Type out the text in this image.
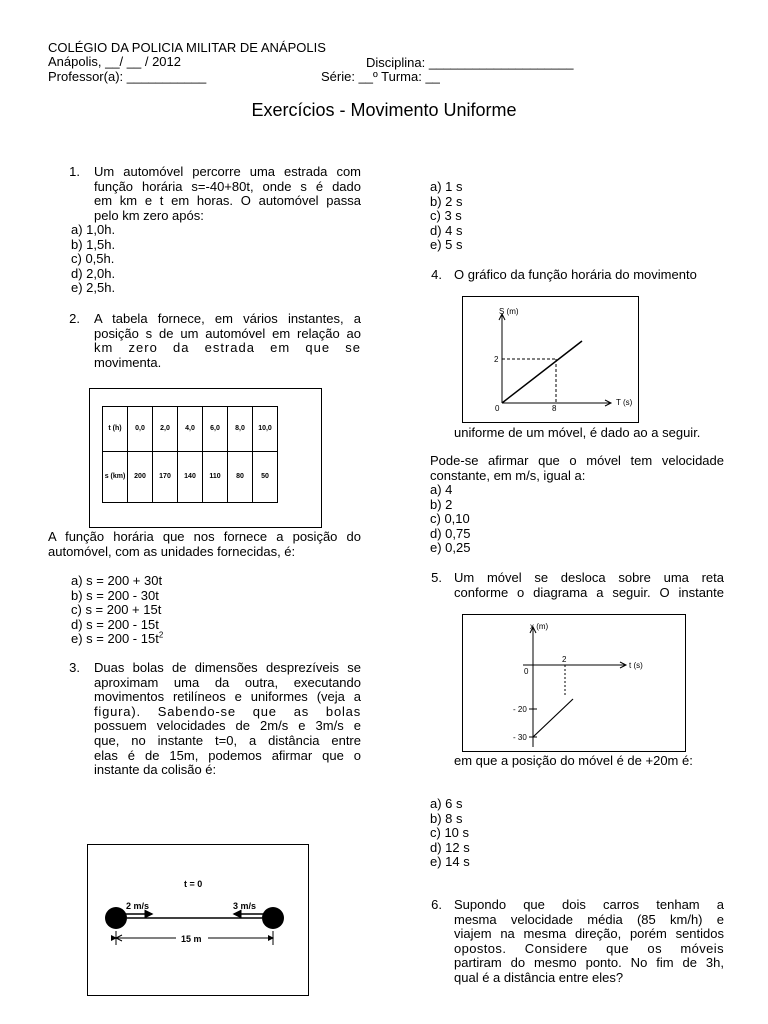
COLÉGIO DA POLICIA MILITAR DE ANÁPOLIS
Anápolis, __/ __ / 2012	Disciplina: ____________________
Professor(a): ___________	Série: __º Turma: __
Exercícios - Movimento Uniforme
1. Um automóvel percorre uma estrada com
função horária s=-40+80t, onde s é dado
em km e t em horas. O automóvel passa
pelo km zero após:
a) 1,0h.
b) 1,5h.
c) 0,5h.
d) 2,0h.
e) 2,5h.
2. A tabela fornece, em vários instantes, a
posição s de um automóvel em relação ao
km zero da estrada em que se
movimenta.
t (h)	0,0	2,0	4,0	6,0	8,0	10,0
s (km)	200	170	140	110	80	50
A função horária que nos fornece a posição do
automóvel, com as unidades fornecidas, é:
a) s = 200 + 30t
b) s = 200 - 30t
c) s = 200 + 15t
d) s = 200 - 15t
e) $s = 200 - 15t^2$
3. Duas bolas de dimensões desprezíveis se
aproximam uma da outra, executando
movimentos retilíneos e uniformes (veja a
figura). Sabendo-se que as bolas
possuem velocidades de 2m/s e 3m/s e
que, no instante t=0, a distância entre
elas é de 15m, podemos afirmar que o
instante da colisão é:
t = 0
2 m/s	3 m/s
15 m
a) 1 s
b) 2 s
c) 3 s
d) 4 s
e) 5 s
4. O gráfico da função horária do movimento
S (m)
T (s)
2
8
0
uniforme de um móvel, é dado ao a seguir.
Pode-se afirmar que o móvel tem velocidade
constante, em m/s, igual a:
a) 4
b) 2
c) 0,10
d) 0,75
e) 0,25
5. Um móvel se desloca sobre uma reta
conforme o diagrama a seguir. O instante
x (m)
t (s)
2
0
- 20
- 30
em que a posição do móvel é de +20m é:
a) 6 s
b) 8 s
c) 10 s
d) 12 s
e) 14 s
6. Supondo que dois carros tenham a
mesma velocidade média (85 km/h) e
viajem na mesma direção, porém sentidos
opostos. Considere que os móveis
partiram do mesmo ponto. No fim de 3h,
qual é a distância entre eles?
